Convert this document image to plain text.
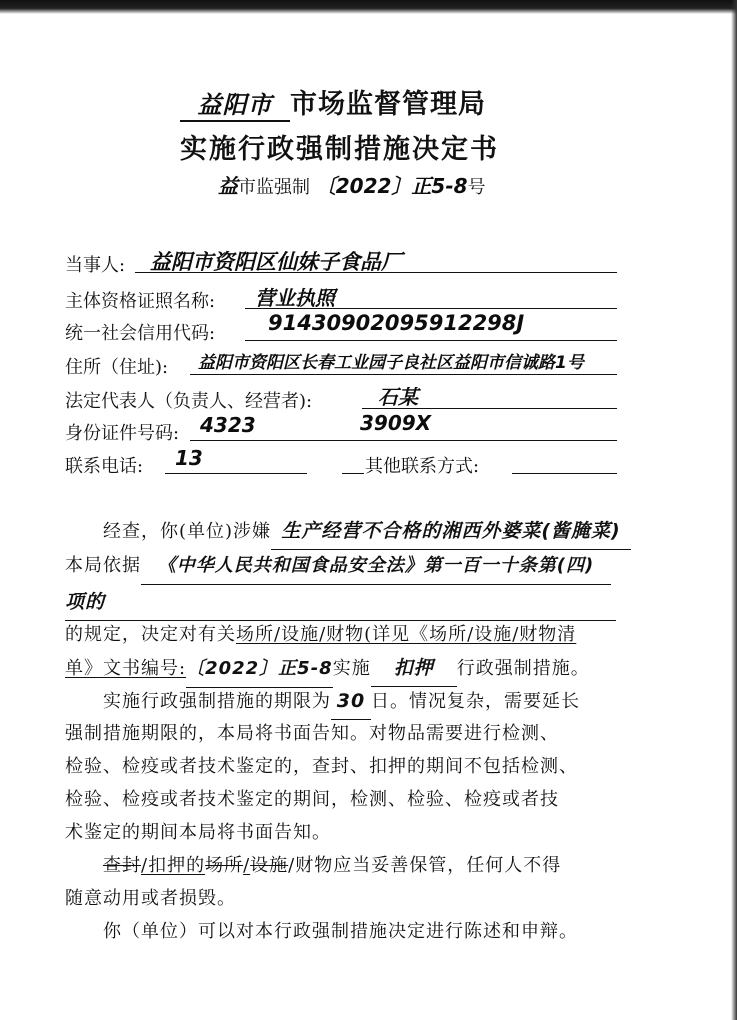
益阳市 市场监督管理局
实施行政强制措施决定书
益市监强制 〔2022〕正5-8号
当事人: 益阳市资阳区仙妹子食品厂
主体资格证照名称: 营业执照
统一社会信用代码:	91430902095912298J
住所（住址): 益阳市资阳区长春工业园子良社区益阳市信诚路1号
法定代表人（负责人、经营者):	石某
身份证件号码: 4323	3909X
联系电话: 13	其他联系方式:
经查，你(单位)涉嫌 生产经营不合格的湘西外婆菜(酱腌菜)
本局依据 《中华人民共和国食品安全法》第一百一十条第(四)
项的
的规定，决定对有关场所/设施/财物(详见《场所/设施/财物清
单》文书编号:〔2022〕正5-8实施 扣押 行政强制措施。
实施行政强制措施的期限为 30 日。情况复杂，需要延长
强制措施期限的，本局将书面告知。对物品需要进行检测、
检验、检疫或者技术鉴定的，查封、扣押的期间不包括检测、
检验、检疫或者技术鉴定的期间，检测、检验、检疫或者技
术鉴定的期间本局将书面告知。
查封/扣押的场所/设施/财物应当妥善保管，任何人不得
随意动用或者损毁。
你（单位）可以对本行政强制措施决定进行陈述和申辩。
